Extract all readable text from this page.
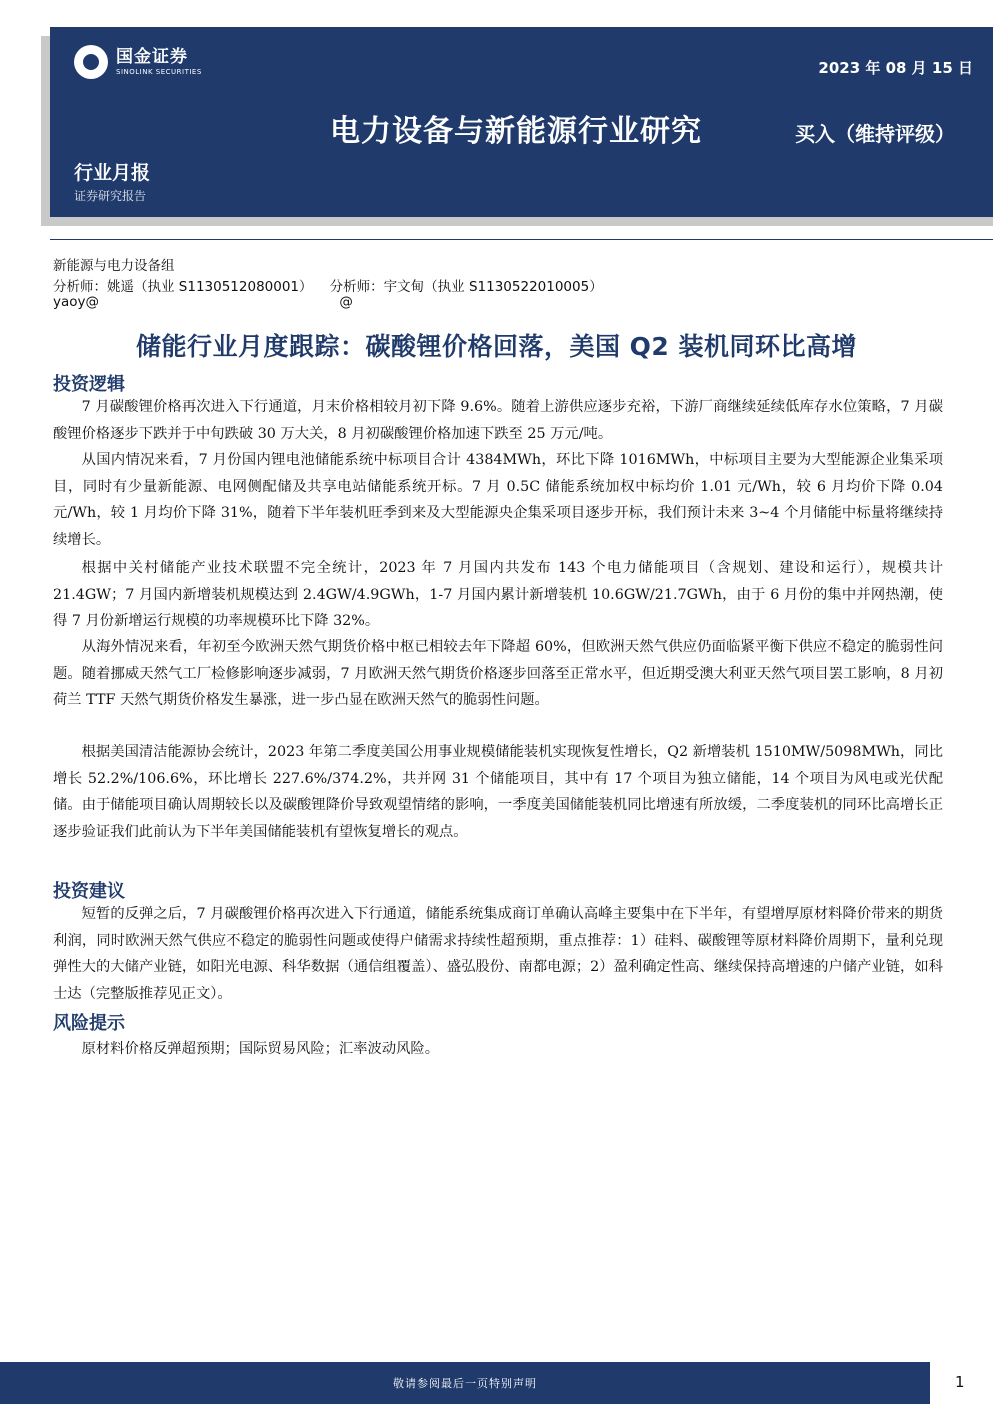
国金证券
SINOLINK SECURITIES	2023 年 08 月 15 日
电力设备与新能源行业研究	买入（维持评级）
行业月报
证券研究报告
新能源与电力设备组
分析师：姚遥（执业 S1130512080001）    分析师：宇文甸（执业 S1130522010005）
yaoy@                                                        @
储能行业月度跟踪：碳酸锂价格回落，美国 Q2 装机同环比高增
投资逻辑

7 月碳酸锂价格再次进入下行通道，月末价格相较月初下降 9.6%。随着上游供应逐步充裕，下游厂商继续延续低库存水位策略，7 月碳酸锂价格逐步下跌并于中旬跌破 30 万大关，8 月初碳酸锂价格加速下跌至 25 万元/吨。

从国内情况来看，7 月份国内锂电池储能系统中标项目合计 4384MWh，环比下降 1016MWh，中标项目主要为大型能源企业集采项目，同时有少量新能源、电网侧配储及共享电站储能系统开标。7 月 0.5C 储能系统加权中标均价 1.01 元/Wh，较 6 月均价下降 0.04 元/Wh，较 1 月均价下降 31%，随着下半年装机旺季到来及大型能源央企集采项目逐步开标，我们预计未来 3~4 个月储能中标量将继续持续增长。

根据中关村储能产业技术联盟不完全统计，2023 年 7 月国内共发布 143 个电力储能项目（含规划、建设和运行），规模共计 21.4GW；7 月国内新增装机规模达到 2.4GW/4.9GWh，1-7 月国内累计新增装机 10.6GW/21.7GWh，由于 6 月份的集中并网热潮，使得 7 月份新增运行规模的功率规模环比下降 32%。

从海外情况来看，年初至今欧洲天然气期货价格中枢已相较去年下降超 60%，但欧洲天然气供应仍面临紧平衡下供应不稳定的脆弱性问题。随着挪威天然气工厂检修影响逐步减弱，7 月欧洲天然气期货价格逐步回落至正常水平，但近期受澳大利亚天然气项目罢工影响，8 月初荷兰 TTF 天然气期货价格发生暴涨，进一步凸显在欧洲天然气的脆弱性问题。

根据美国清洁能源协会统计，2023 年第二季度美国公用事业规模储能装机实现恢复性增长，Q2 新增装机 1510MW/5098MWh，同比增长 52.2%/106.6%，环比增长 227.6%/374.2%，共并网 31 个储能项目，其中有 17 个项目为独立储能，14 个项目为风电或光伏配储。由于储能项目确认周期较长以及碳酸锂降价导致观望情绪的影响，一季度美国储能装机同比增速有所放缓，二季度装机的同环比高增长正逐步验证我们此前认为下半年美国储能装机有望恢复增长的观点。

投资建议

短暂的反弹之后，7 月碳酸锂价格再次进入下行通道，储能系统集成商订单确认高峰主要集中在下半年，有望增厚原材料降价带来的期货利润，同时欧洲天然气供应不稳定的脆弱性问题或使得户储需求持续性超预期，重点推荐：1）硅料、碳酸锂等原材料降价周期下，量利兑现弹性大的大储产业链，如阳光电源、科华数据（通信组覆盖）、盛弘股份、南都电源；2）盈利确定性高、继续保持高增速的户储产业链，如科士达（完整版推荐见正文）。

风险提示

原材料价格反弹超预期；国际贸易风险；汇率波动风险。

敬请参阅最后一页特别声明	1
